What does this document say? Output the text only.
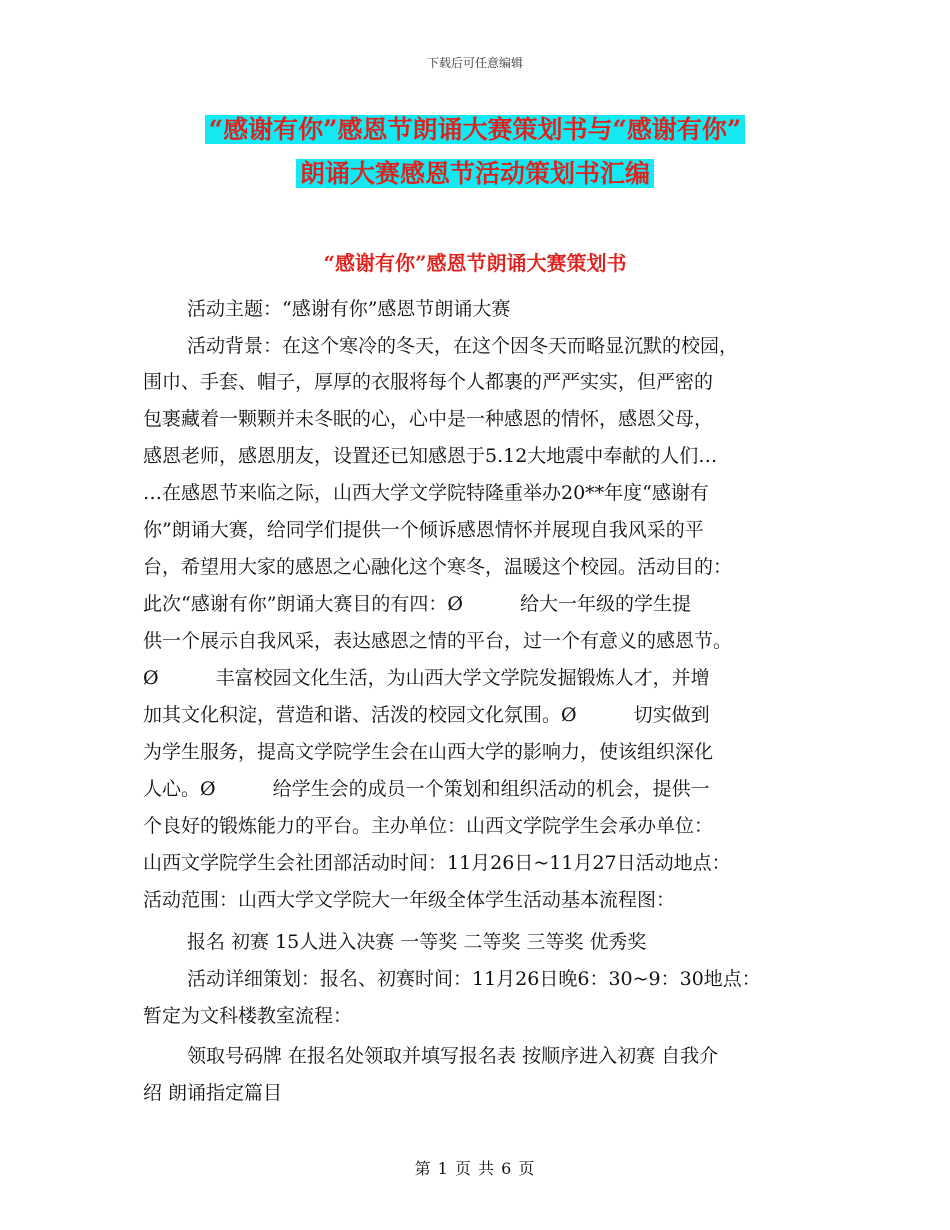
下载后可任意编辑
“感谢有你”感恩节朗诵大赛策划书与“感谢有你”
朗诵大赛感恩节活动策划书汇编
“感谢有你”感恩节朗诵大赛策划书
活动主题：“感谢有你”感恩节朗诵大赛
活动背景：在这个寒冷的冬天，在这个因冬天而略显沉默的校园，
围巾、手套、帽子，厚厚的衣服将每个人都裹的严严实实，但严密的
包裹藏着一颗颗并未冬眠的心，心中是一种感恩的情怀，感恩父母，
感恩老师，感恩朋友，设置还已知感恩于5.12大地震中奉献的人们…
…在感恩节来临之际，山西大学文学院特隆重举办20**年度“感谢有
你”朗诵大赛，给同学们提供一个倾诉感恩情怀并展现自我风采的平
台，希望用大家的感恩之心融化这个寒冬，温暖这个校园。活动目的：
此次“感谢有你”朗诵大赛目的有四：Ø　　　给大一年级的学生提
供一个展示自我风采，表达感恩之情的平台，过一个有意义的感恩节。
Ø　　　丰富校园文化生活，为山西大学文学院发掘锻炼人才，并增
加其文化积淀，营造和谐、活泼的校园文化氛围。Ø　　　切实做到
为学生服务，提高文学院学生会在山西大学的影响力，使该组织深化
人心。Ø　　　给学生会的成员一个策划和组织活动的机会，提供一
个良好的锻炼能力的平台。主办单位：山西文学院学生会承办单位：
山西文学院学生会社团部活动时间：11月26日~11月27日活动地点：
活动范围：山西大学文学院大一年级全体学生活动基本流程图：
报名 初赛 15人进入决赛 一等奖 二等奖 三等奖 优秀奖
活动详细策划：报名、初赛时间：11月26日晚6：30~9：30地点：
暂定为文科楼教室流程：
领取号码牌 在报名处领取并填写报名表 按顺序进入初赛 自我介
绍 朗诵指定篇目
第 1 页 共 6 页
